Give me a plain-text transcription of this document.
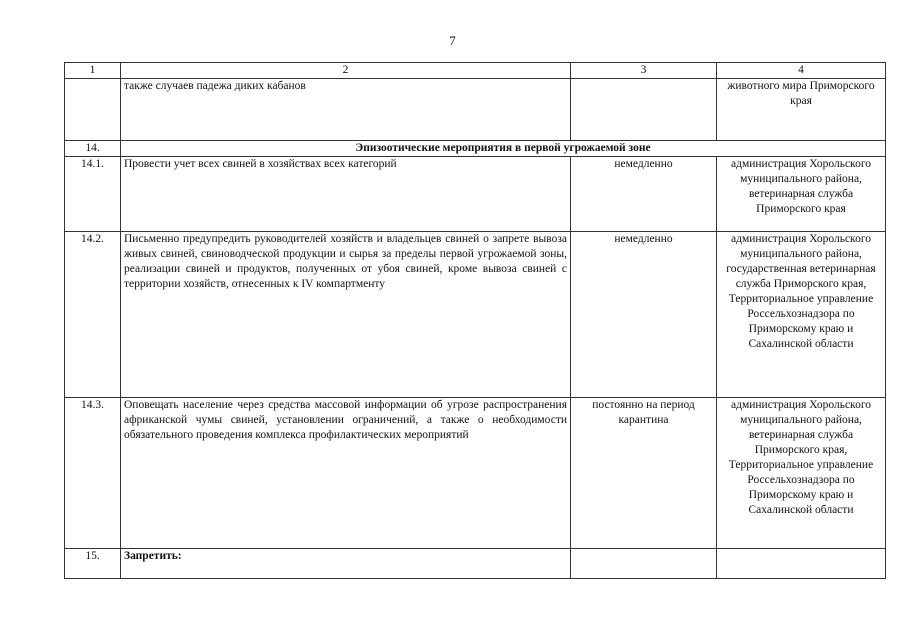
7
1	2	3	4
	также случаев падежа диких кабанов		животного мира Приморского края
14.	Эпизоотические мероприятия в первой угрожаемой зоне		
14.1.	Провести учет всех свиней в хозяйствах всех категорий	немедленно	администрация Хорольского муниципального района, ветеринарная служба Приморского края
14.2.	Письменно предупредить руководителей хозяйств и владельцев свиней о запрете вывоза живых свиней, свиноводческой продукции и сырья за пределы первой угрожаемой зоны, реализации свиней и продуктов, полученных от убоя свиней, кроме вывоза свиней с территории хозяйств, отнесенных к IV компартменту	немедленно	администрация Хорольского муниципального района, государственная ветеринарная служба Приморского края, Территориальное управление Россельхознадзора по Приморскому краю и Сахалинской области
14.3.	Оповещать население через средства массовой информации об угрозе распространения африканской чумы свиней, установлении ограничений, а также о необходимости обязательного проведения комплекса профилактических мероприятий	постоянно на период карантина	администрация Хорольского муниципального района, ветеринарная служба Приморского края, Территориальное управление Россельхознадзора по Приморскому краю и Сахалинской области
15.	Запретить:		
